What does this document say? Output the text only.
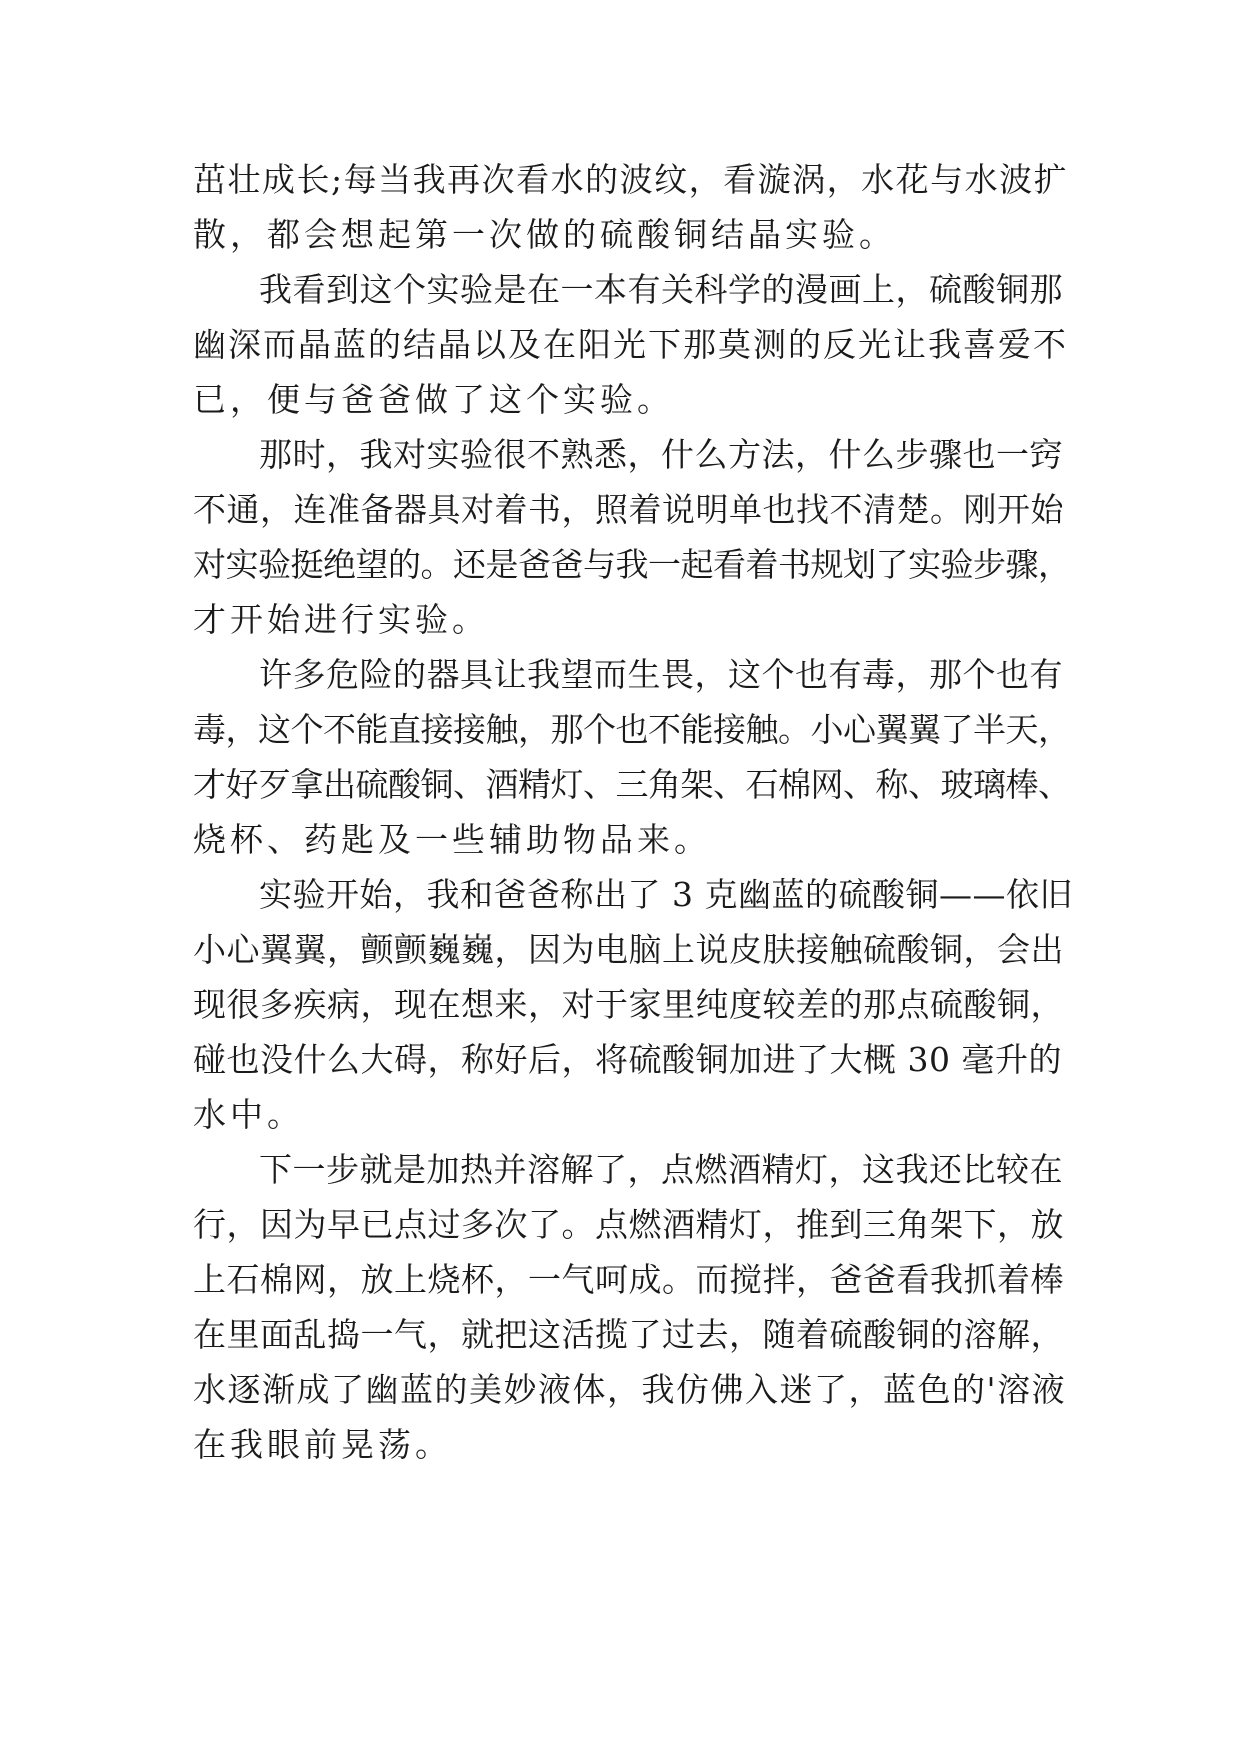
茁壮成长;每当我再次看水的波纹，看漩涡，水花与水波扩
散，都会想起第一次做的硫酸铜结晶实验。
我看到这个实验是在一本有关科学的漫画上，硫酸铜那
幽深而晶蓝的结晶以及在阳光下那莫测的反光让我喜爱不
已，便与爸爸做了这个实验。
那时，我对实验很不熟悉，什么方法，什么步骤也一窍
不通，连准备器具对着书，照着说明单也找不清楚。刚开始
对实验挺绝望的。还是爸爸与我一起看着书规划了实验步骤，
才开始进行实验。
许多危险的器具让我望而生畏，这个也有毒，那个也有
毒，这个不能直接接触，那个也不能接触。小心翼翼了半天，
才好歹拿出硫酸铜、酒精灯、三角架、石棉网、称、玻璃棒、
烧杯、药匙及一些辅助物品来。
实验开始，我和爸爸称出了 3 克幽蓝的硫酸铜——依旧
小心翼翼，颤颤巍巍，因为电脑上说皮肤接触硫酸铜，会出
现很多疾病，现在想来，对于家里纯度较差的那点硫酸铜，
碰也没什么大碍，称好后，将硫酸铜加进了大概 30 毫升的
水中。
下一步就是加热并溶解了，点燃酒精灯，这我还比较在
行，因为早已点过多次了。点燃酒精灯，推到三角架下，放
上石棉网，放上烧杯，一气呵成。而搅拌，爸爸看我抓着棒
在里面乱捣一气，就把这活揽了过去，随着硫酸铜的溶解，
水逐渐成了幽蓝的美妙液体，我仿佛入迷了，蓝色的'溶液
在我眼前晃荡。
